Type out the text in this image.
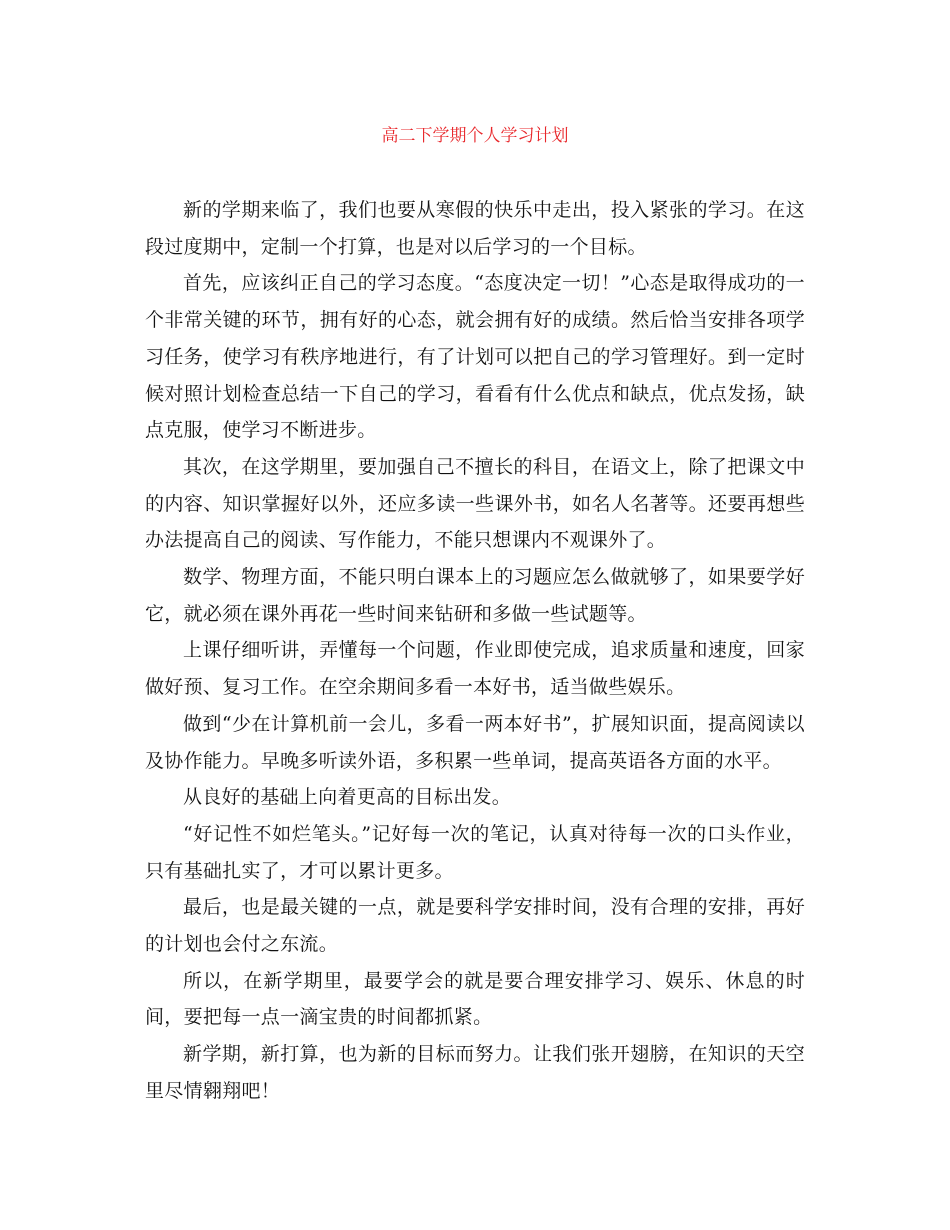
高二下学期个人学习计划

新的学期来临了，我们也要从寒假的快乐中走出，投入紧张的学习。在这段过度期中，定制一个打算，也是对以后学习的一个目标。

首先，应该纠正自己的学习态度。“态度决定一切！”心态是取得成功的一个非常关键的环节，拥有好的心态，就会拥有好的成绩。然后恰当安排各项学习任务，使学习有秩序地进行，有了计划可以把自己的学习管理好。到一定时候对照计划检查总结一下自己的学习，看看有什么优点和缺点，优点发扬，缺点克服，使学习不断进步。

其次，在这学期里，要加强自己不擅长的科目，在语文上，除了把课文中的内容、知识掌握好以外，还应多读一些课外书，如名人名著等。还要再想些办法提高自己的阅读、写作能力，不能只想课内不观课外了。

数学、物理方面，不能只明白课本上的习题应怎么做就够了，如果要学好它，就必须在课外再花一些时间来钻研和多做一些试题等。

上课仔细听讲，弄懂每一个问题，作业即使完成，追求质量和速度，回家做好预、复习工作。在空余期间多看一本好书，适当做些娱乐。

做到“少在计算机前一会儿，多看一两本好书”，扩展知识面，提高阅读以及协作能力。早晚多听读外语，多积累一些单词，提高英语各方面的水平。

从良好的基础上向着更高的目标出发。

“好记性不如烂笔头。”记好每一次的笔记，认真对待每一次的口头作业，只有基础扎实了，才可以累计更多。

最后，也是最关键的一点，就是要科学安排时间，没有合理的安排，再好的计划也会付之东流。

所以，在新学期里，最要学会的就是要合理安排学习、娱乐、休息的时间，要把每一点一滴宝贵的时间都抓紧。

新学期，新打算，也为新的目标而努力。让我们张开翅膀，在知识的天空里尽情翱翔吧！
